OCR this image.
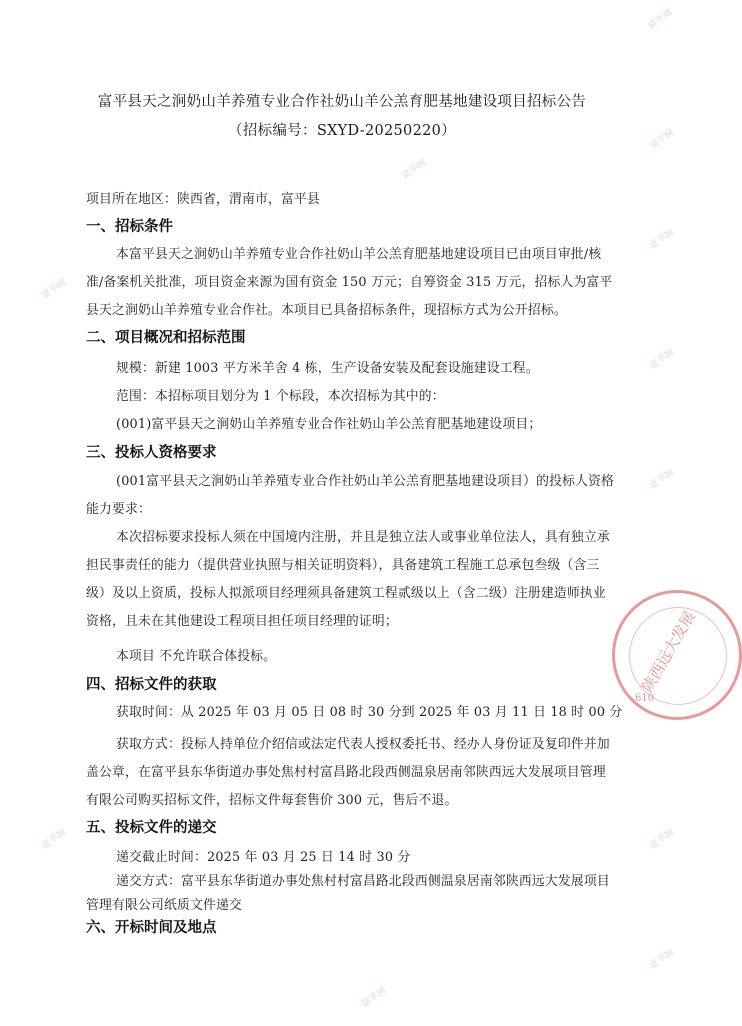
富平县天之涧奶山羊养殖专业合作社奶山羊公羔育肥基地建设项目招标公告
（招标编号：SXYD-20250220）
项目所在地区：陕西省，渭南市，富平县
一、招标条件
本富平县天之涧奶山羊养殖专业合作社奶山羊公羔育肥基地建设项目已由项目审批/核
准/备案机关批准，项目资金来源为国有资金 150 万元；自筹资金 315 万元，招标人为富平
县天之涧奶山羊养殖专业合作社。本项目已具备招标条件，现招标方式为公开招标。
二、项目概况和招标范围
规模：新建 1003 平方米羊舍 4 栋，生产设备安装及配套设施建设工程。
范围：本招标项目划分为 1 个标段，本次招标为其中的：
(001)富平县天之涧奶山羊养殖专业合作社奶山羊公羔育肥基地建设项目；
三、投标人资格要求
(001富平县天之涧奶山羊养殖专业合作社奶山羊公羔育肥基地建设项目）的投标人资格
能力要求：
本次招标要求投标人须在中国境内注册，并且是独立法人或事业单位法人，具有独立承
担民事责任的能力（提供营业执照与相关证明资料），具备建筑工程施工总承包叁级（含三
级）及以上资质，投标人拟派项目经理须具备建筑工程贰级以上（含二级）注册建造师执业
资格，且未在其他建设工程项目担任项目经理的证明；
本项目 不允许联合体投标。
四、招标文件的获取
获取时间：从 2025 年 03 月 05 日 08 时 30 分到 2025 年 03 月 11 日 18 时 00 分
获取方式：投标人持单位介绍信或法定代表人授权委托书、经办人身份证及复印件并加
盖公章，在富平县东华街道办事处焦村村富昌路北段西侧温泉居南邻陕西远大发展项目管理
有限公司购买招标文件，招标文件每套售价 300 元，售后不退。
五、投标文件的递交
递交截止时间：2025 年 03 月 25 日 14 时 30 分
递交方式：富平县东华街道办事处焦村村富昌路北段西侧温泉居南邻陕西远大发展项目
管理有限公司纸质文件递交
六、开标时间及地点
陕西远大发展
610
富平网
富平网
富平网
富平网
富平网
富平网
富平网
富平网
富平网
富平网
富平网
